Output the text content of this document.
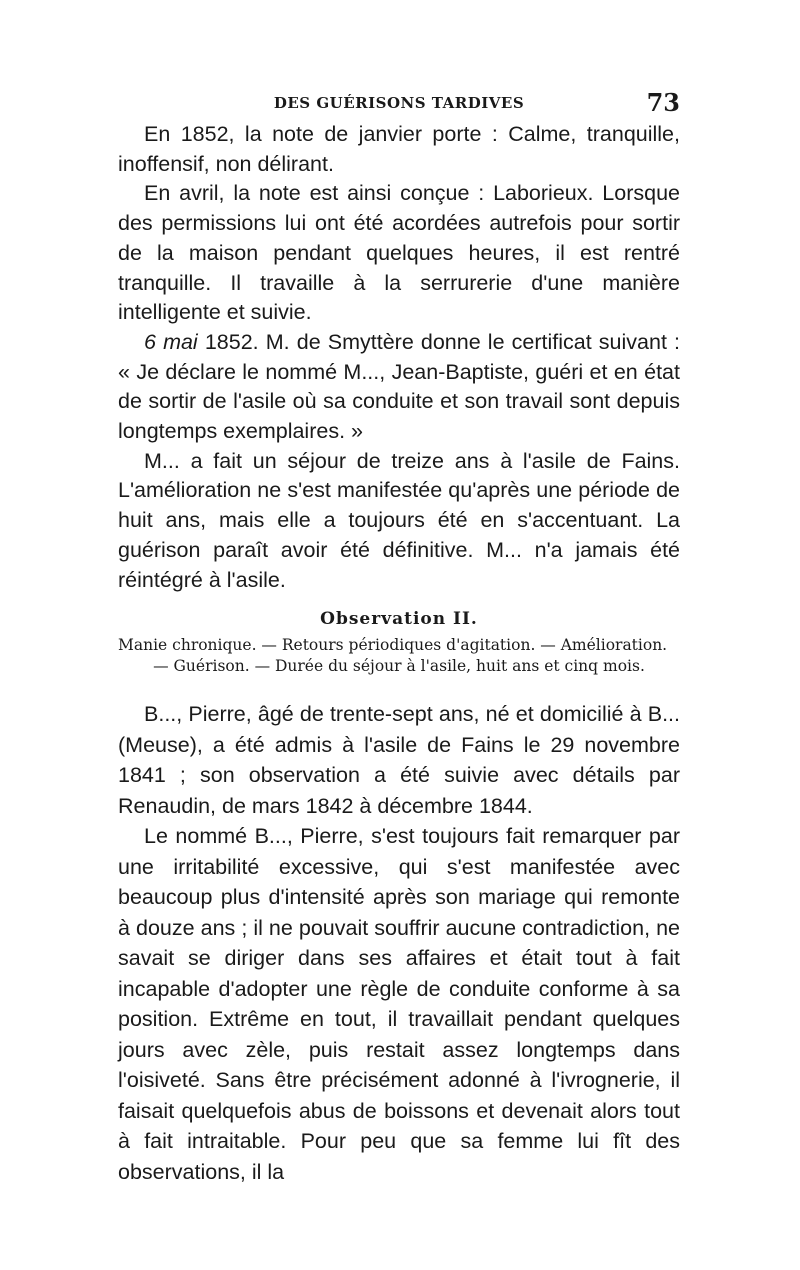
DES GUÉRISONS TARDIVES	73

En 1852, la note de janvier porte : Calme, tranquille, inoffensif, non délirant.

En avril, la note est ainsi conçue : Laborieux. Lorsque des permissions lui ont été acordées autrefois pour sortir de la maison pendant quelques heures, il est rentré tranquille. Il travaille à la serrurerie d'une manière intelligente et suivie.

6 mai 1852. M. de Smyttère donne le certificat suivant : « Je déclare le nommé M..., Jean-Baptiste, guéri et en état de sortir de l'asile où sa conduite et son travail sont depuis longtemps exemplaires. »

M... a fait un séjour de treize ans à l'asile de Fains. L'amélioration ne s'est manifestée qu'après une période de huit ans, mais elle a toujours été en s'accentuant. La guérison paraît avoir été définitive. M... n'a jamais été réintégré à l'asile.

Observation II.
Manie chronique. — Retours périodiques d'agitation. — Amélioration.
— Guérison. — Durée du séjour à l'asile, huit ans et cinq mois.

B..., Pierre, âgé de trente-sept ans, né et domicilié à B... (Meuse), a été admis à l'asile de Fains le 29 novembre 1841 ; son observation a été suivie avec détails par Renaudin, de mars 1842 à décembre 1844.

Le nommé B..., Pierre, s'est toujours fait remarquer par une irritabilité excessive, qui s'est manifestée avec beaucoup plus d'intensité après son mariage qui remonte à douze ans ; il ne pouvait souffrir aucune contradiction, ne savait se diriger dans ses affaires et était tout à fait incapable d'adopter une règle de conduite conforme à sa position. Extrême en tout, il travaillait pendant quelques jours avec zèle, puis restait assez longtemps dans l'oisiveté. Sans être précisément adonné à l'ivrognerie, il faisait quelquefois abus de boissons et devenait alors tout à fait intraitable. Pour peu que sa femme lui fît des observations, il la
